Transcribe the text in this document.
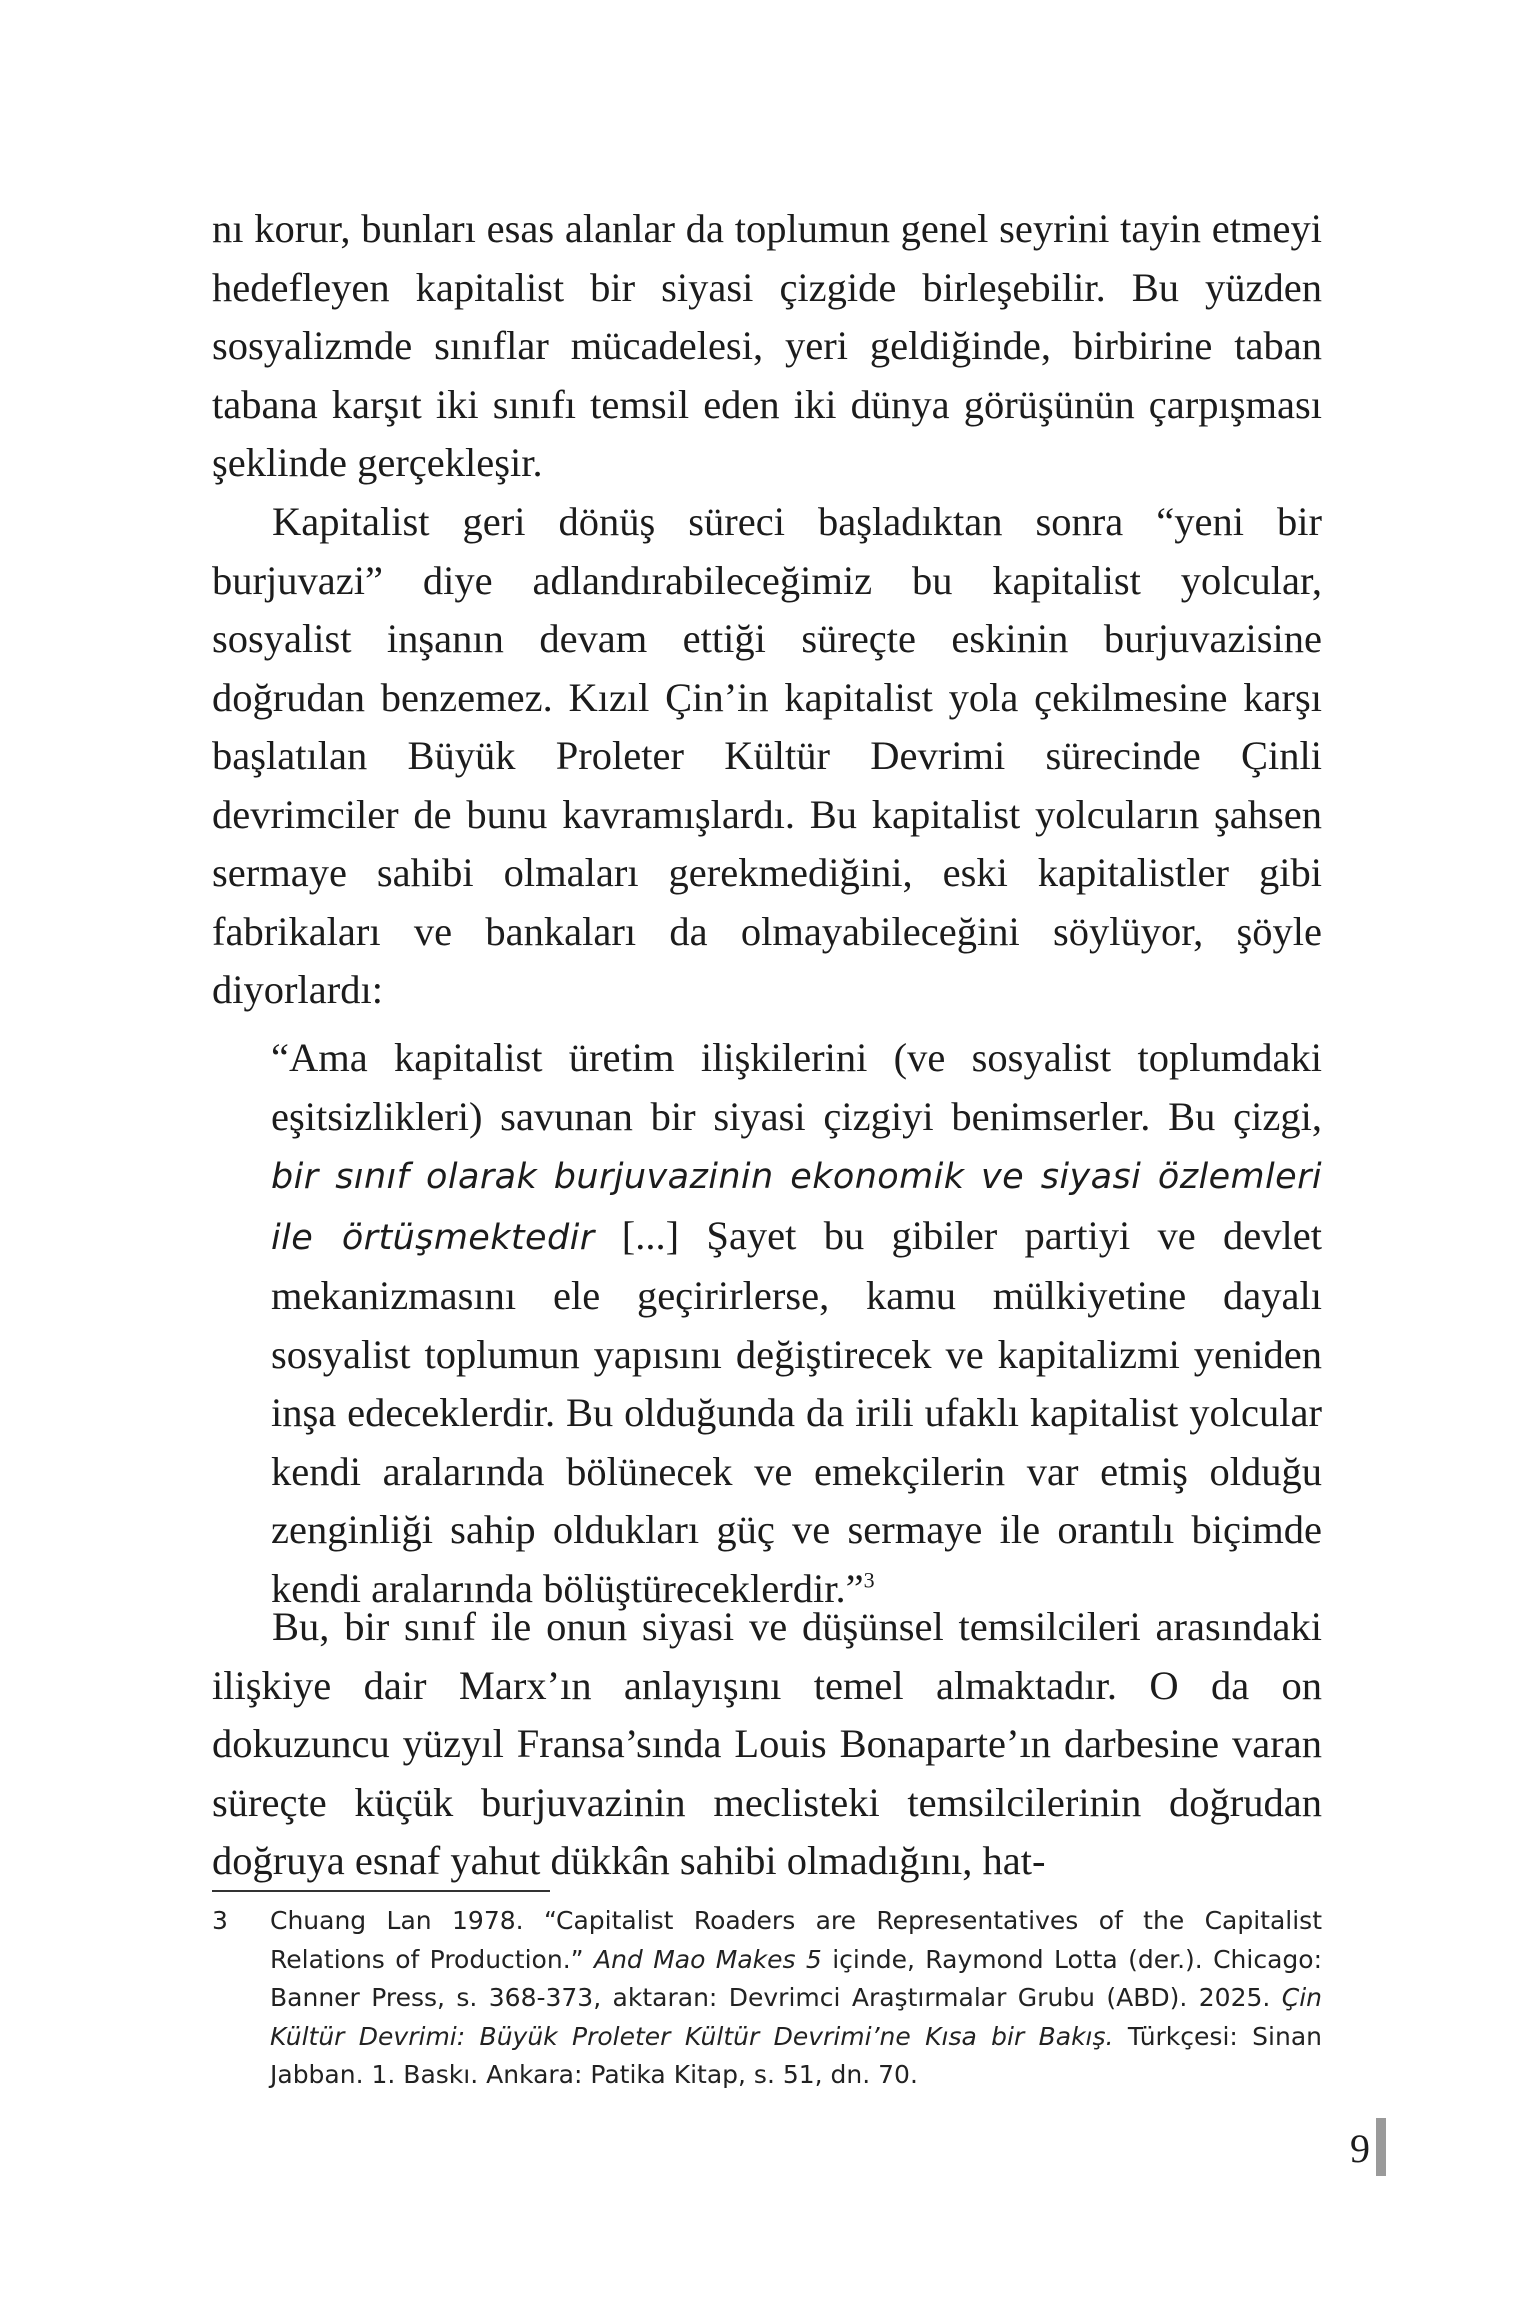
nı korur, bunları esas alanlar da toplumun genel seyrini tayin etmeyi hedefleyen kapitalist bir siyasi çizgide birleşebilir. Bu yüzden sosyalizmde sınıflar mücadelesi, yeri geldiğinde, birbirine taban tabana karşıt iki sınıfı temsil eden iki dünya görüşünün çarpışması şeklinde gerçekleşir.

Kapitalist geri dönüş süreci başladıktan sonra “yeni bir burjuvazi” diye adlandırabileceğimiz bu kapitalist yolcular, sosyalist inşanın devam ettiği süreçte eskinin burjuvazisine doğrudan benzemez. Kızıl Çin’in kapitalist yola çekilmesine karşı başlatılan Büyük Proleter Kültür Devrimi sürecinde Çinli devrimciler de bunu kavramışlardı. Bu kapitalist yolcuların şahsen sermaye sahibi olmaları gerekmediğini, eski kapitalistler gibi fabrikaları ve bankaları da olmayabileceğini söylüyor, şöyle diyorlardı:

“Ama kapitalist üretim ilişkilerini (ve sosyalist toplumdaki eşitsizlikleri) savunan bir siyasi çizgiyi benimserler. Bu çizgi, bir sınıf olarak burjuvazinin ekonomik ve siyasi özlemleri ile örtüşmektedir [...] Şayet bu gibiler partiyi ve devlet mekanizmasını ele geçirirlerse, kamu mülkiyetine dayalı sosyalist toplumun yapısını değiştirecek ve kapitalizmi yeniden inşa edeceklerdir. Bu olduğunda da irili ufaklı kapitalist yolcular kendi aralarında bölünecek ve emekçilerin var etmiş olduğu zenginliği sahip oldukları güç ve sermaye ile orantılı biçimde kendi aralarında bölüştüreceklerdir.”$^3$

Bu, bir sınıf ile onun siyasi ve düşünsel temsilcileri arasındaki ilişkiye dair Marx’ın anlayışını temel almaktadır. O da on dokuzuncu yüzyıl Fransa’sında Louis Bonaparte’ın darbesine varan süreçte küçük burjuvazinin meclisteki temsilcilerinin doğrudan doğruya esnaf yahut dükkân sahibi olmadığını, hat-

3 Chuang Lan 1978. “Capitalist Roaders are Representatives of the Capitalist Relations of Production.” And Mao Makes 5 içinde, Raymond Lotta (der.). Chicago: Banner Press, s. 368-373, aktaran: Devrimci Araştırmalar Grubu (ABD). 2025. Çin Kültür Devrimi: Büyük Proleter Kültür Devrimi’ne Kısa bir Bakış. Türkçesi: Sinan Jabban. 1. Baskı. Ankara: Patika Kitap, s. 51, dn. 70.
9
